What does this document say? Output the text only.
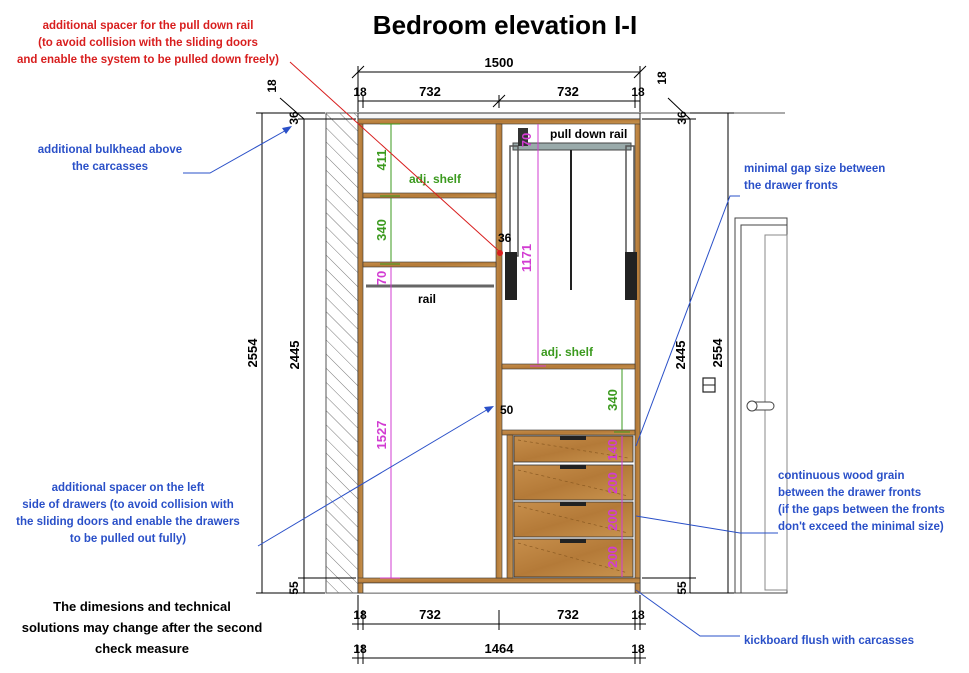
Bedroom elevation I-I
pull down rail
adj. shelf
adj. shelf
rail
411
340
70
1527
70
1171
340
140
200
200
200
36
50
1500
18	732	732	18
18	732	732	18
18	1464	18
2554 2445
18
36
55
2445 2554
18
36
55
additional spacer for the pull down rail
(to avoid collision with the sliding doors
and enable the system to be pulled down freely)
additional bulkhead above
the carcasses
additional spacer on the left
side of drawers (to avoid collision with
the sliding doors and enable the drawers
to be pulled out fully)
The dimesions and technical
solutions may change after the second
check measure
minimal gap size between
the drawer fronts
continuous wood grain
between the drawer fronts
(if the gaps between the fronts
don't exceed the minimal size)
kickboard flush with carcasses
